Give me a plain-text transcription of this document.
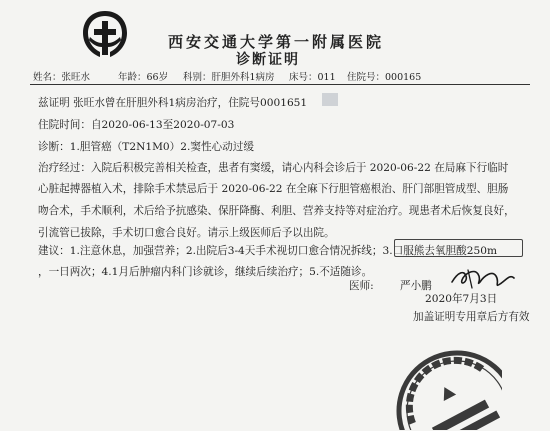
西安交通大学第一附属医院
诊断证明
姓名：张旺水	年龄：66岁 科别：肝胆外科1病房 床号：011 住院号：000165
兹证明 张旺水曾在肝胆外科1病房治疗，住院号0001651
住院时间：自2020-06-13至2020-07-03
诊断：1.胆管癌（T2N1M0）2.窦性心动过缓
治疗经过：入院后积极完善相关检查，患者有窦缓，请心内科会诊后于 2020-06-22 在局麻下行临时
心脏起搏器植入术，排除手术禁忌后于 2020-06-22 在全麻下行胆管癌根治、肝门部胆管成型、胆肠
吻合术，手术顺利，术后给予抗感染、保肝降酶、利胆、营养支持等对症治疗。现患者术后恢复良好，
引流管已拔除，手术切口愈合良好。请示上级医师后予以出院。
建议：1.注意休息，加强营养；2.出院后3-4天手术视切口愈合情况拆线；3.口服熊去氧胆酸250m
，一日两次；4.1月后肿瘤内科门诊就诊，继续后续治疗；5.不适随诊。
医师: 严小鹏
2020年7月3日
加盖证明专用章后方有效
